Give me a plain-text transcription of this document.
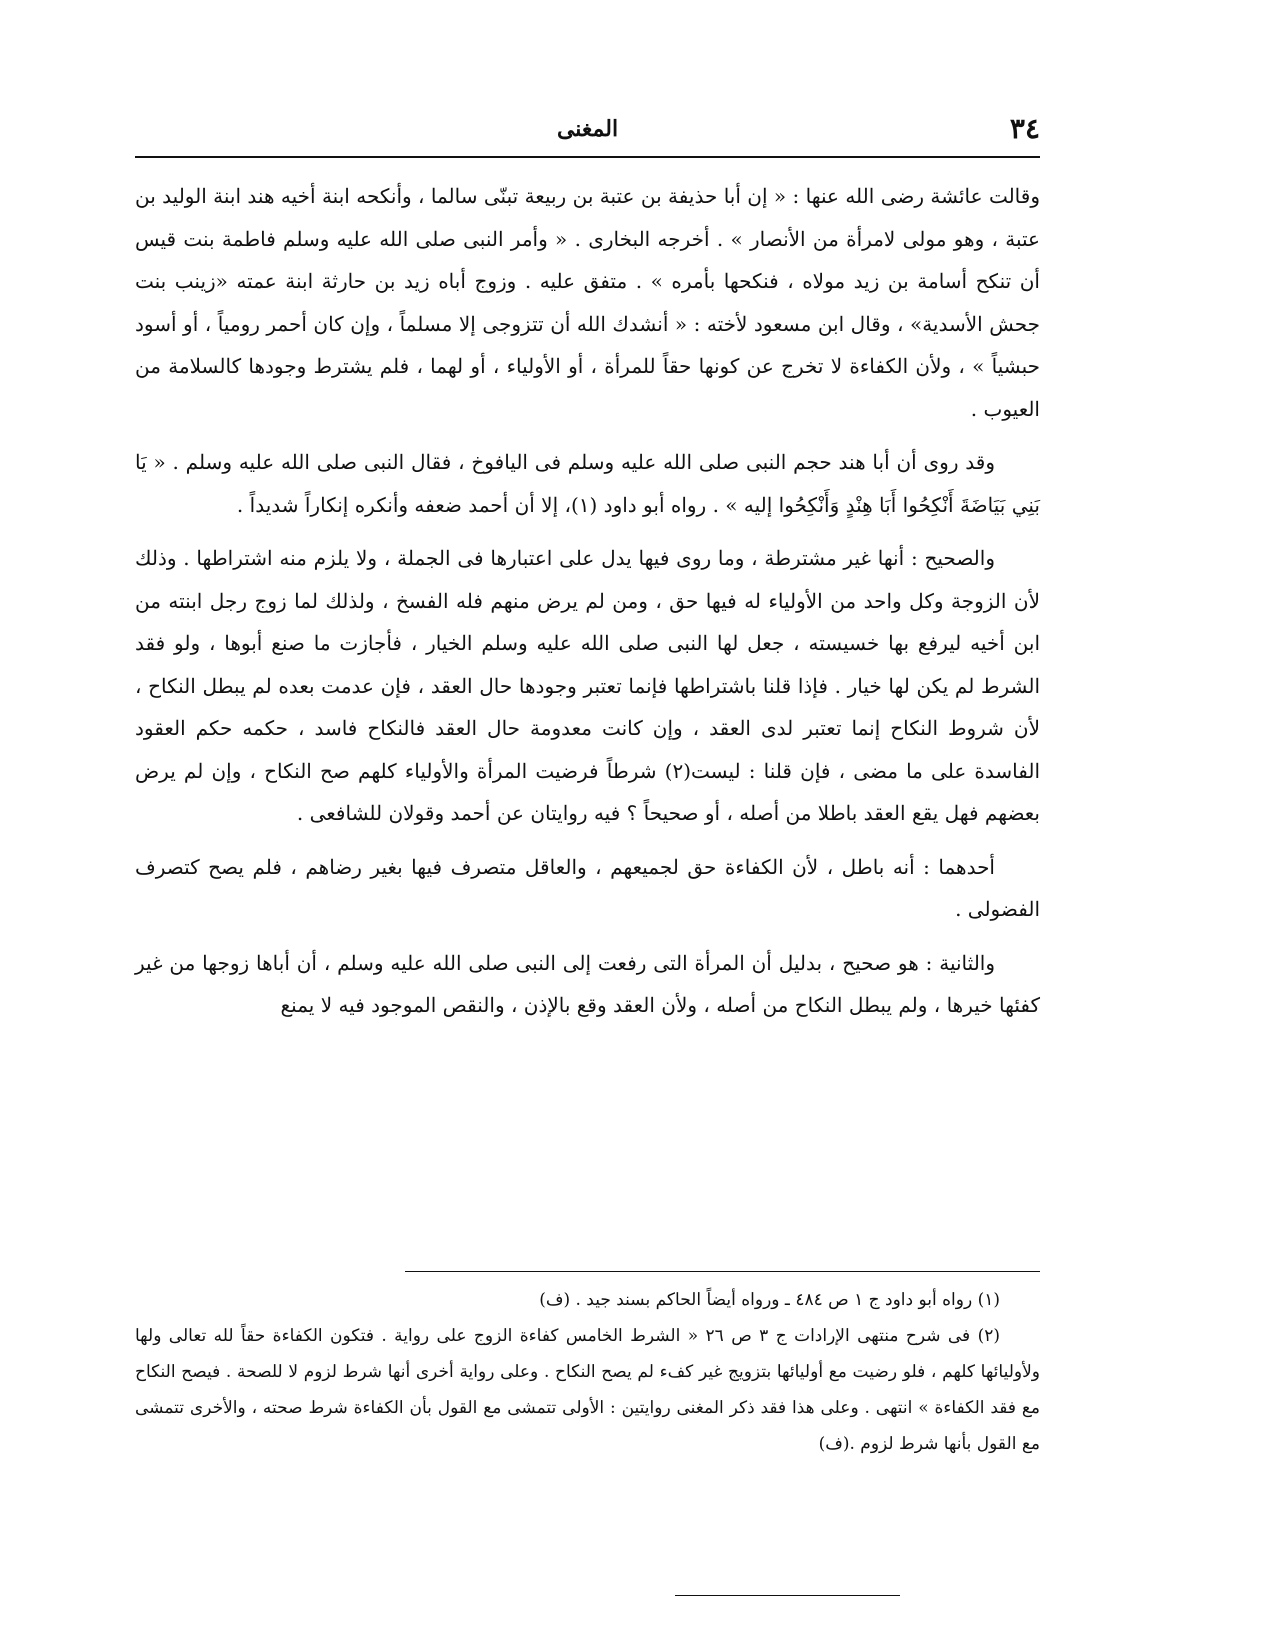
٣٤
المغنى

وقالت عائشة رضى الله عنها : « إن أبا حذيفة بن عتبة بن ربيعة تبنّى سالما ، وأنكحه ابنة أخيه هند ابنة الوليد بن عتبة ، وهو مولى لامرأة من الأنصار » . أخرجه البخارى . « وأمر النبى صلى الله عليه وسلم فاطمة بنت قيس أن تنكح أسامة بن زيد مولاه ، فنكحها بأمره » . متفق عليه . وزوج أباه زيد بن حارثة ابنة عمته «زينب بنت جحش الأسدية» ، وقال ابن مسعود لأخته : « أنشدك الله أن تتزوجى إلا مسلماً ، وإن كان أحمر رومياً ، أو أسود حبشياً » ، ولأن الكفاءة لا تخرج عن كونها حقاً للمرأة ، أو الأولياء ، أو لهما ، فلم يشترط وجودها كالسلامة من العيوب .

وقد روى أن أبا هند حجم النبى صلى الله عليه وسلم فى اليافوخ ، فقال النبى صلى الله عليه وسلم . « يَا بَنِي بَيَاضَةَ أَنْكِحُوا أَبَا هِنْدٍ وَأَنْكِحُوا إليه » . رواه أبو داود (١)، إلا أن أحمد ضعفه وأنكره إنكاراً شديداً .

والصحيح : أنها غير مشترطة ، وما روى فيها يدل على اعتبارها فى الجملة ، ولا يلزم منه اشتراطها . وذلك لأن الزوجة وكل واحد من الأولياء له فيها حق ، ومن لم يرض منهم فله الفسخ ، ولذلك لما زوج رجل ابنته من ابن أخيه ليرفع بها خسيسته ، جعل لها النبى صلى الله عليه وسلم الخيار ، فأجازت ما صنع أبوها ، ولو فقد الشرط لم يكن لها خيار . فإذا قلنا باشتراطها فإنما تعتبر وجودها حال العقد ، فإن عدمت بعده لم يبطل النكاح ، لأن شروط النكاح إنما تعتبر لدى العقد ، وإن كانت معدومة حال العقد فالنكاح فاسد ، حكمه حكم العقود الفاسدة على ما مضى ، فإن قلنا : ليست(٢) شرطاً فرضيت المرأة والأولياء كلهم صح النكاح ، وإن لم يرض بعضهم فهل يقع العقد باطلا من أصله ، أو صحيحاً ؟ فيه روايتان عن أحمد وقولان للشافعى .

أحدهما : أنه باطل ، لأن الكفاءة حق لجميعهم ، والعاقل متصرف فيها بغير رضاهم ، فلم يصح كتصرف الفضولى .

والثانية : هو صحيح ، بدليل أن المرأة التى رفعت إلى النبى صلى الله عليه وسلم ، أن أباها زوجها من غير كفئها خيرها ، ولم يبطل النكاح من أصله ، ولأن العقد وقع بالإذن ، والنقص الموجود فيه لا يمنع

(١) رواه أبو داود ج ١ ص ٤٨٤ ـ ورواه أيضاً الحاكم بسند جيد . (ف)

(٢) فى شرح منتهى الإرادات ج ٣ ص ٢٦ « الشرط الخامس كفاءة الزوج على رواية . فتكون الكفاءة حقاً لله تعالى ولها ولأوليائها كلهم ، فلو رضيت مع أوليائها بتزويج غير كفء لم يصح النكاح . وعلى رواية أخرى أنها شرط لزوم لا للصحة . فيصح النكاح مع فقد الكفاءة » انتهى . وعلى هذا فقد ذكر المغنى روايتين : الأولى تتمشى مع القول بأن الكفاءة شرط صحته ، والأخرى تتمشى مع القول بأنها شرط لزوم .(ف)
